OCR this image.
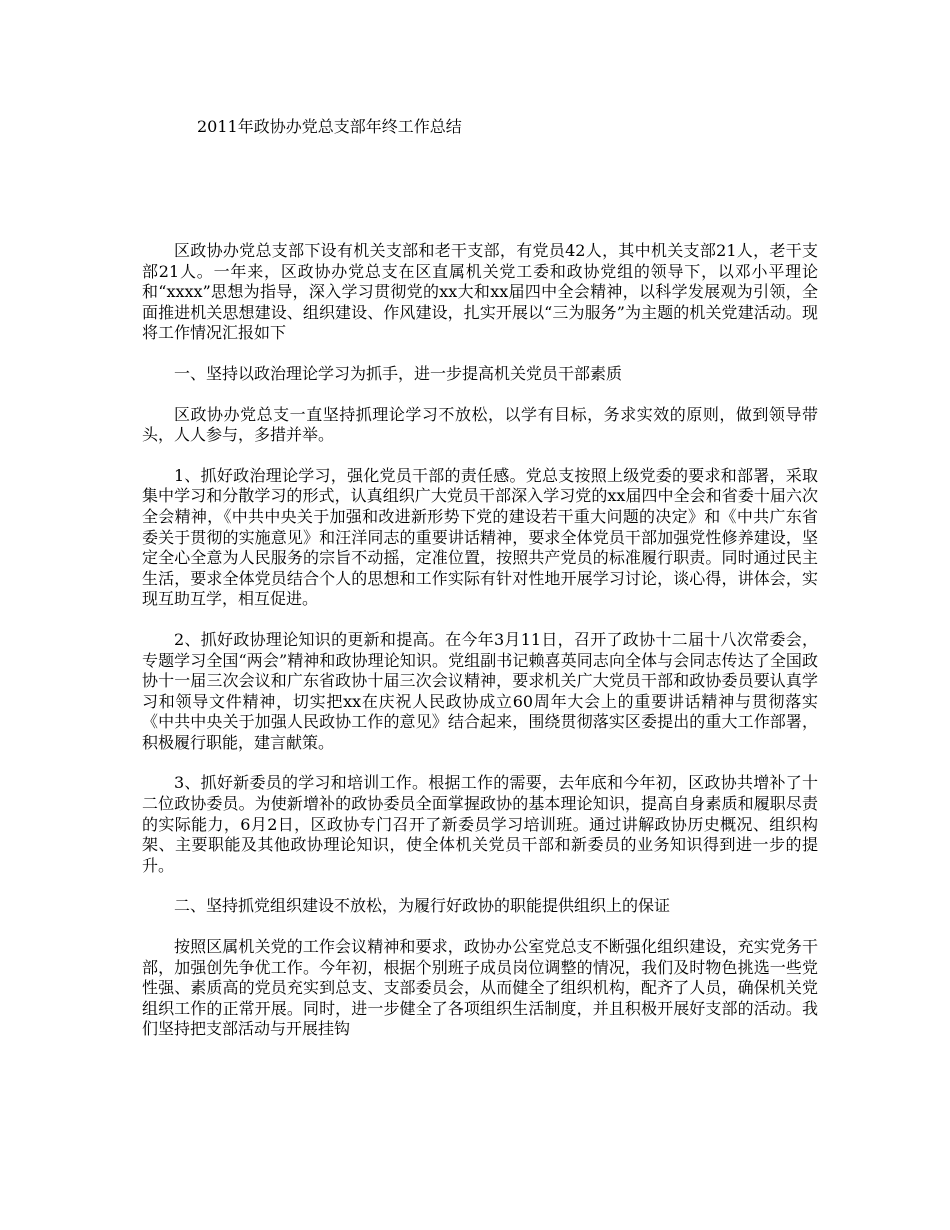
2011年政协办党总支部年终工作总结

区政协办党总支部下设有机关支部和老干支部，有党员42人，其中机关支部21人，老干支部21人。一年来，区政协办党总支在区直属机关党工委和政协党组的领导下，以邓小平理论和“xxxx”思想为指导，深入学习贯彻党的xx大和xx届四中全会精神，以科学发展观为引领，全面推进机关思想建设、组织建设、作风建设，扎实开展以“三为服务”为主题的机关党建活动。现将工作情况汇报如下

一、坚持以政治理论学习为抓手，进一步提高机关党员干部素质

区政协办党总支一直坚持抓理论学习不放松，以学有目标，务求实效的原则，做到领导带头，人人参与，多措并举。

1、抓好政治理论学习，强化党员干部的责任感。党总支按照上级党委的要求和部署，采取集中学习和分散学习的形式，认真组织广大党员干部深入学习党的xx届四中全会和省委十届六次全会精神，《中共中央关于加强和改进新形势下党的建设若干重大问题的决定》和《中共广东省委关于贯彻的实施意见》和汪洋同志的重要讲话精神，要求全体党员干部加强党性修养建设，坚定全心全意为人民服务的宗旨不动摇，定准位置，按照共产党员的标准履行职责。同时通过民主生活，要求全体党员结合个人的思想和工作实际有针对性地开展学习讨论，谈心得，讲体会，实现互助互学，相互促进。

2、抓好政协理论知识的更新和提高。在今年3月11日，召开了政协十二届十八次常委会，专题学习全国“两会”精神和政协理论知识。党组副书记赖喜英同志向全体与会同志传达了全国政协十一届三次会议和广东省政协十届三次会议精神，要求机关广大党员干部和政协委员要认真学习和领导文件精神，切实把xx在庆祝人民政协成立60周年大会上的重要讲话精神与贯彻落实《中共中央关于加强人民政协工作的意见》结合起来，围绕贯彻落实区委提出的重大工作部署，积极履行职能，建言献策。

3、抓好新委员的学习和培训工作。根据工作的需要，去年底和今年初，区政协共增补了十二位政协委员。为使新增补的政协委员全面掌握政协的基本理论知识，提高自身素质和履职尽责的实际能力，6月2日，区政协专门召开了新委员学习培训班。通过讲解政协历史概况、组织构架、主要职能及其他政协理论知识，使全体机关党员干部和新委员的业务知识得到进一步的提升。

二、坚持抓党组织建设不放松，为履行好政协的职能提供组织上的保证

按照区属机关党的工作会议精神和要求，政协办公室党总支不断强化组织建设，充实党务干部，加强创先争优工作。今年初，根据个别班子成员岗位调整的情况，我们及时物色挑选一些党性强、素质高的党员充实到总支、支部委员会，从而健全了组织机构，配齐了人员，确保机关党组织工作的正常开展。同时，进一步健全了各项组织生活制度，并且积极开展好支部的活动。我们坚持把支部活动与开展挂钩
